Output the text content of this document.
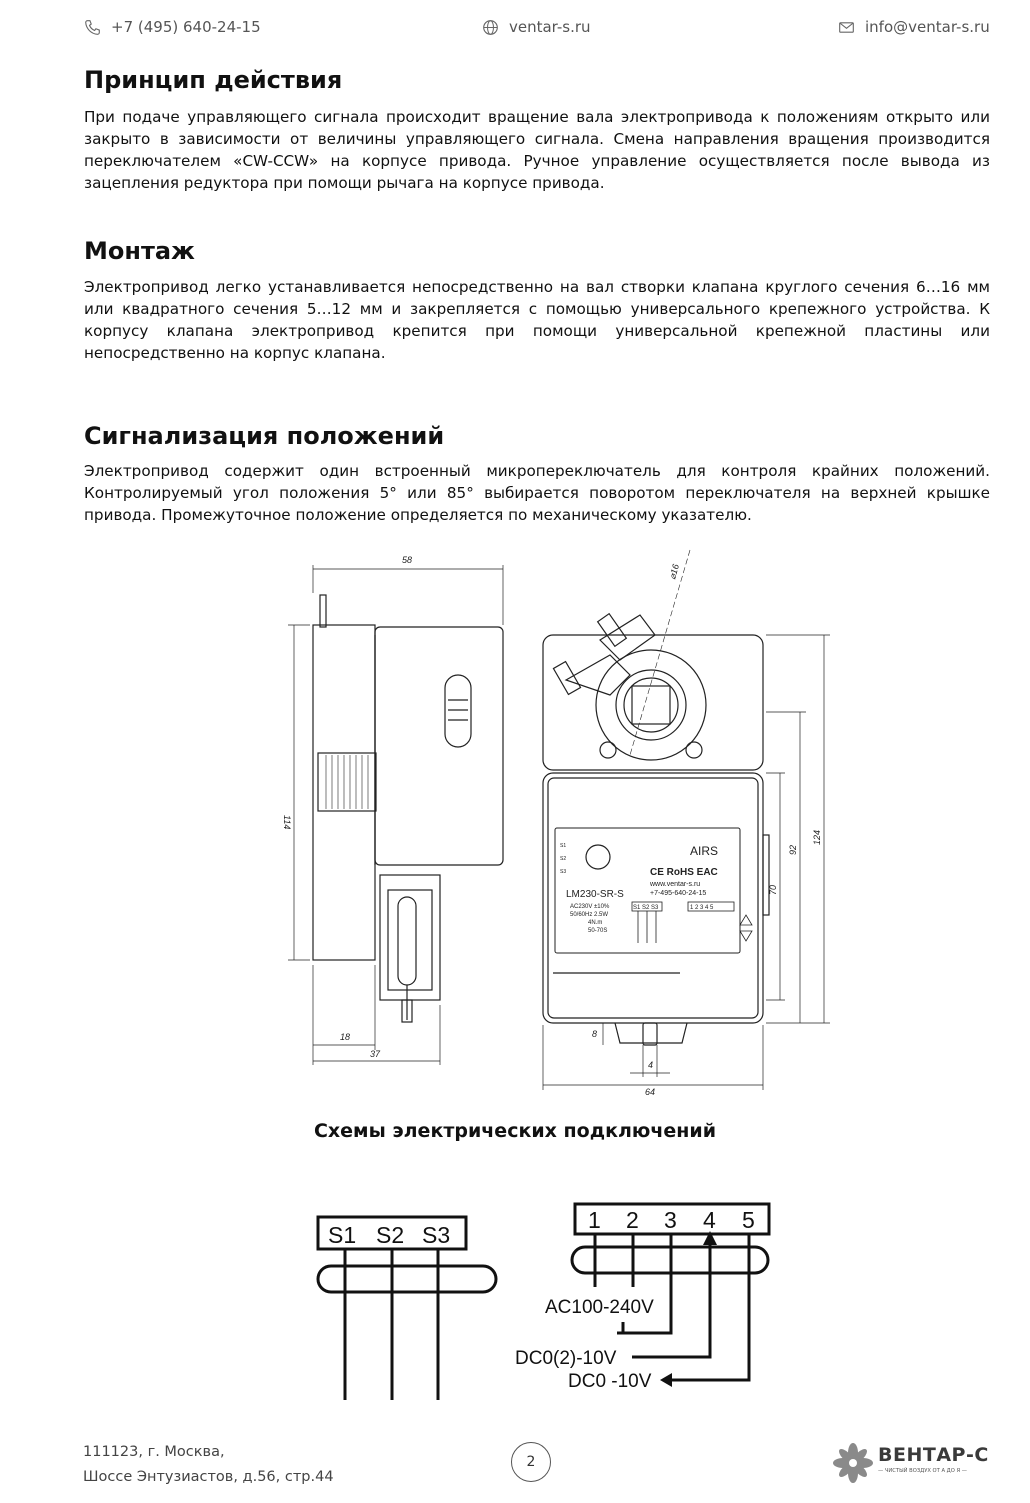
+7 (495) 640-24-15	ventar-s.ru	info@ventar-s.ru
Принцип действия

При подаче управляющего сигнала происходит вращение вала электропривода к положениям открыто или закрыто в зависимости от величины управляющего сигнала. Смена направления вращения производится переключателем «CW-CCW» на корпусе привода. Ручное управление осуществляется после вывода из зацепления редуктора при помощи рычага на корпусе привода.

Монтаж

Электропривод легко устанавливается непосредственно на вал створки клапана круглого сечения 6…16 мм или квадратного сечения 5…12 мм и закрепляется с помощью универсального крепежного устройства. К корпусу клапана электропривод крепится при помощи универсальной крепежной пластины или непосредственно на корпус клапана.

Сигнализация положений

Электропривод содержит один встроенный микропереключатель для контроля крайних положений. Контролируемый угол положения 5° или 85° выбирается поворотом переключателя на верхней крышке привода. Промежуточное положение определяется по механическому указателю.

58
114
18
37
⌀16
124
92
70
8
4
64
AIRS
CE RoHS EAC
www.ventar-s.ru
+7-495-640-24-15
LM230-SR-S
AC230V ±10%
50/60Hz 2.5W
4N.m
50-70S
S1 S2 S3	1 2 3 4 5
S1
S2
S3

Схемы электрических подключений

S1 S2 S3
1 2 3 4 5
AC100-240V
DC0(2)-10V
DC0 -10V
111123, г. Москва,
Шоссе Энтузиастов, д.56, стр.44
2	ВЕНТАР-С
— ЧИСТЫЙ ВОЗДУХ ОТ А ДО Я —
